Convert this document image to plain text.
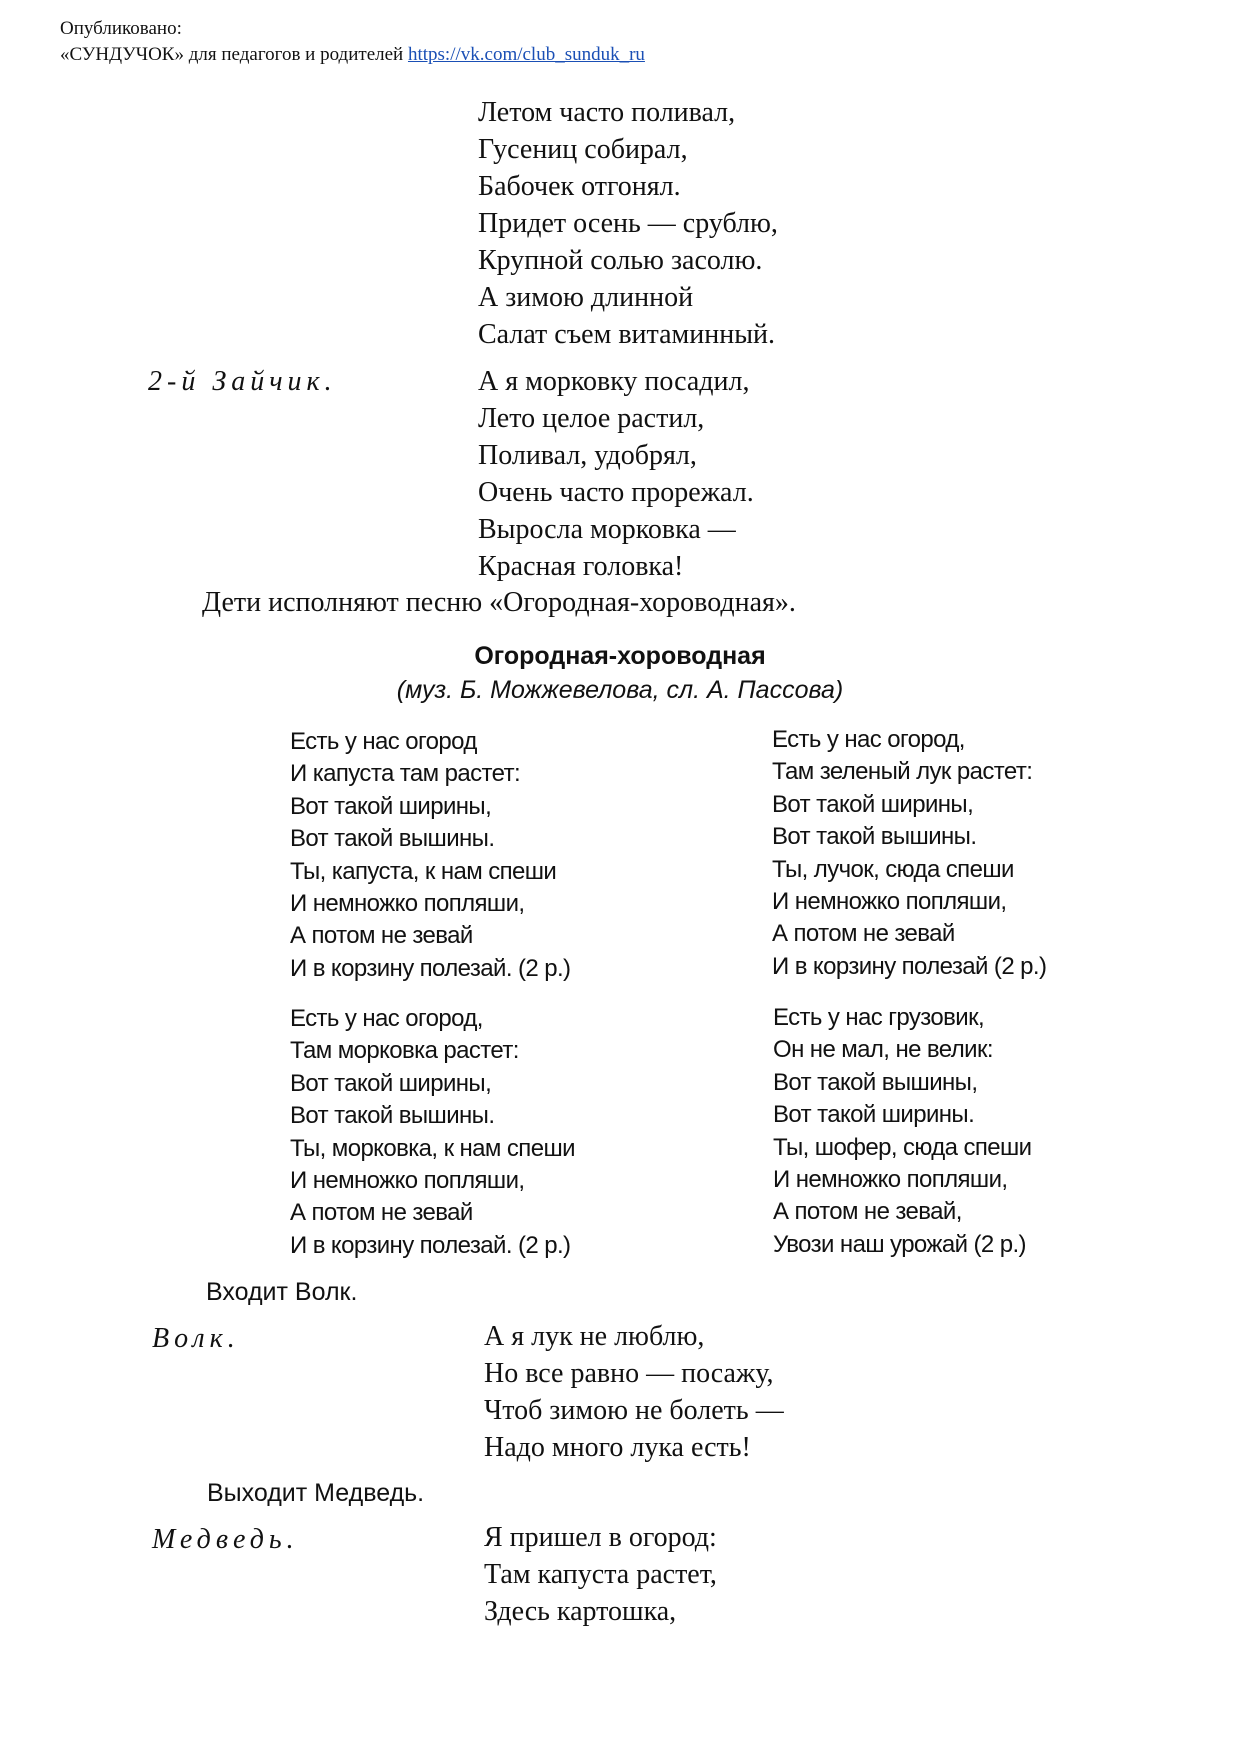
Опубликовано:
«СУНДУЧОК» для педагогов и родителей https://vk.com/club_sunduk_ru
Летом часто поливал,
Гусениц собирал,
Бабочек отгонял.
Придет осень — срублю,
Крупной солью засолю.
А зимою длинной
Салат съем витаминный.
2-й Зайчик.	А я морковку посадил,
Лето целое растил,
Поливал, удобрял,
Очень часто прорежал.
Выросла морковка —
Красная головка!
Дети исполняют песню «Огородная-хороводная».
Огородная-хороводная
(муз. Б. Можжевелова, сл. А. Пассова)
Есть у нас огород
И капуста там растет:
Вот такой ширины,
Вот такой вышины.
Ты, капуста, к нам спеши
И немножко попляши,
А потом не зевай
И в корзину полезай. (2 р.)
Есть у нас огород,
Там зеленый лук растет:
Вот такой ширины,
Вот такой вышины.
Ты, лучок, сюда спеши
И немножко попляши,
А потом не зевай
И в корзину полезай (2 р.)
Есть у нас огород,
Там морковка растет:
Вот такой ширины,
Вот такой вышины.
Ты, морковка, к нам спеши
И немножко попляши,
А потом не зевай
И в корзину полезай. (2 р.)
Есть у нас грузовик,
Он не мал, не велик:
Вот такой вышины,
Вот такой ширины.
Ты, шофер, сюда спеши
И немножко попляши,
А потом не зевай,
Увози наш урожай (2 р.)
Входит Волк.
Волк.	А я лук не люблю,
Но все равно — посажу,
Чтоб зимою не болеть —
Надо много лука есть!
Выходит Медведь.
Медведь.	Я пришел в огород:
Там капуста растет,
Здесь картошка,
